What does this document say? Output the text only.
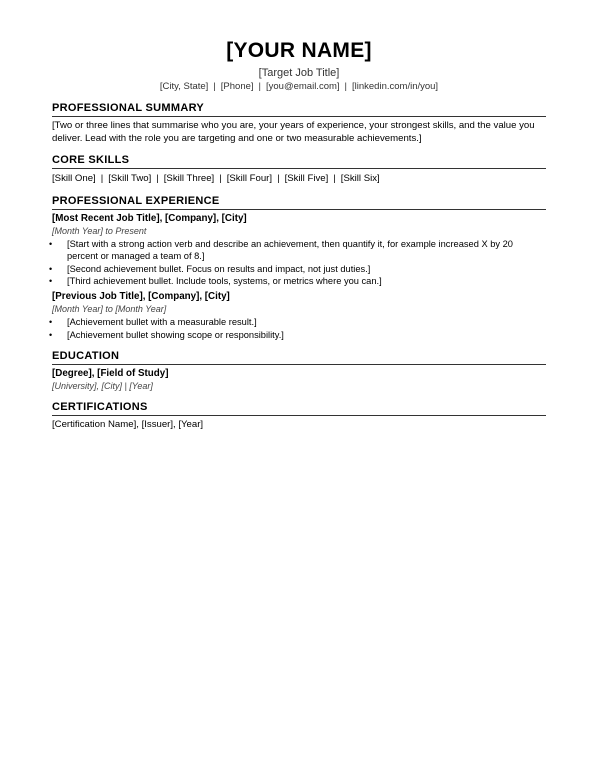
[YOUR NAME]
[Target Job Title]
[City, State] | [Phone] | [you@email.com] | [linkedin.com/in/you]
PROFESSIONAL SUMMARY
[Two or three lines that summarise who you are, your years of experience, your strongest skills, and the value you deliver. Lead with the role you are targeting and one or two measurable achievements.]
CORE SKILLS
[Skill One] | [Skill Two] | [Skill Three] | [Skill Four] | [Skill Five] | [Skill Six]
PROFESSIONAL EXPERIENCE
[Most Recent Job Title], [Company], [City]
[Month Year] to Present
• [Start with a strong action verb and describe an achievement, then quantify it, for example increased X by 20 percent or managed a team of 8.]
• [Second achievement bullet. Focus on results and impact, not just duties.]
• [Third achievement bullet. Include tools, systems, or metrics where you can.]
[Previous Job Title], [Company], [City]
[Month Year] to [Month Year]
• [Achievement bullet with a measurable result.]
• [Achievement bullet showing scope or responsibility.]
EDUCATION
[Degree], [Field of Study]
[University], [City] | [Year]
CERTIFICATIONS
[Certification Name], [Issuer], [Year]
